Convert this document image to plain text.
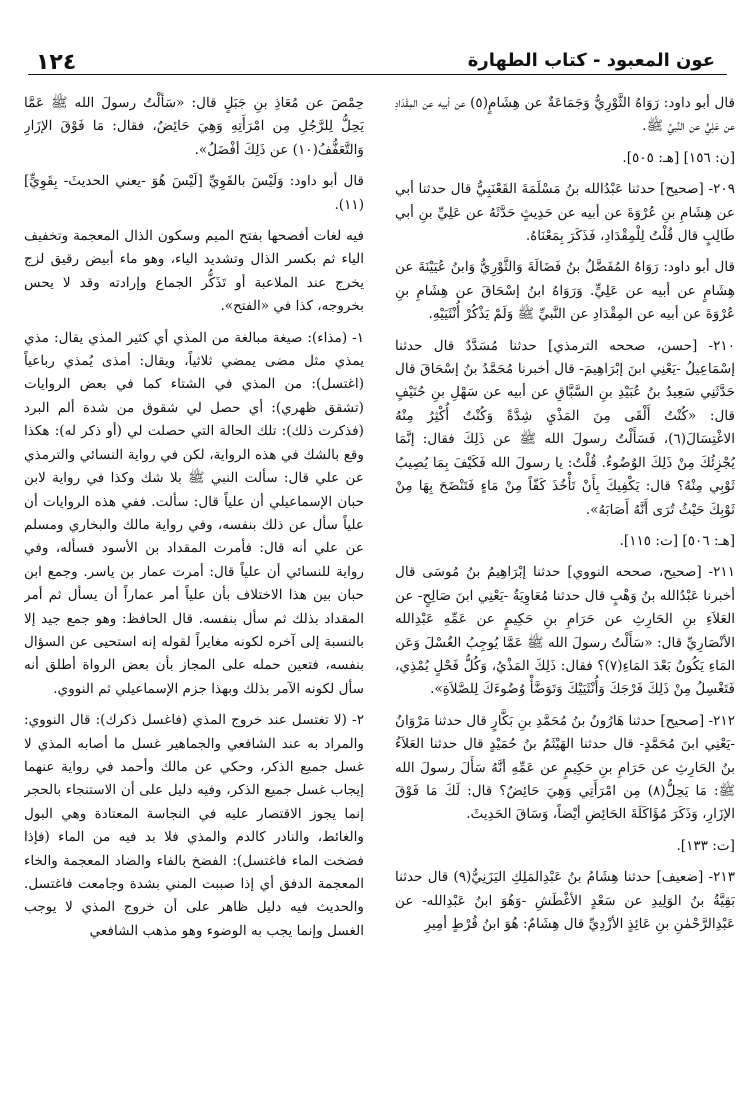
١٢٤	عون المعبود - كتاب الطهارة

قال أبو داود: رَوَاهُ الثَّوْرِيُّ وَجَمَاعَةٌ عن هِشَامٍ(٥) عن أبيه عن المِقْدَادِ عن عَلِيٍّ عن النَّبيِّ ﷺ.

[ن: ١٥٦] [هـ: ٥٠٥].

٢٠٩- [صحيح] حدثنا عَبْدُالله بنُ مَسْلَمَةَ القَعْنَبِيُّ قال حدثنا أبي عن هِشَامِ بنِ عُرْوَةَ عن أبيه عن حَدِيثٍ حَدَّثَهُ عن عَلِيِّ بنِ أبي طَالِبٍ قال قُلْتُ لِلْمِقْدَادِ، فَذَكَرَ بِمَعْنَاهُ.

قال أبو داود: رَوَاهُ المُفَضَّلُ بنُ فَضَالَةَ وَالثَّوْرِيُّ وَابنُ عُيَيْنَةَ عن هِشَامٍ عن أبيه عن عَلِيٍّ. وَرَوَاهُ ابنُ إسْحَاقَ عن هِشَامِ بنِ عُرْوَةَ عن أبيه عن المِقْدَادِ عن النَّبيِّ ﷺ وَلَمْ يَذْكُرْ أُنْثَيَيْهِ.

٢١٠- [حسن، صححه الترمذي] حدثنا مُسَدَّدٌ قال حدثنا إسْمَاعِيلُ -يَعْنِي ابنَ إبْرَاهِيمَ- قال أخبرنا مُحَمَّدُ بنُ إسْحَاقَ قال حَدَّثَنِي سَعِيدُ بنُ عُبَيْدِ بنِ السَّبَّاقِ عن أبيه عن سَهْلِ بنِ حُنَيْفٍ قال: «كُنْتُ أَلْقَى مِنَ المَذْيِ شِدَّةً وَكُنْتُ أُكْثِرُ مِنْهُ الاغْتِسَالَ(٦)، فَسَأَلْتُ رسولَ الله ﷺ عن ذَلِكَ فقال: إنَّمَا يُجْزِئُكَ مِنْ ذَلِكَ الوُضُوءُ. قُلْتُ: يا رسولَ الله فَكَيْفَ بِمَا يُصِيبُ ثَوْبِي مِنْهُ؟ قال: يَكْفِيكَ بِأَنْ تَأْخُذَ كَفّاً مِنْ مَاءٍ فَتَنْضَحَ بِهَا مِنْ ثَوْبِكَ حَيْثُ تُرَى أَنَّهُ أَصَابَهُ».

[هـ: ٥٠٦] [ت: ١١٥].

٢١١- [صحيح، صححه النووي] حدثنا إبْرَاهِيمُ بنُ مُوسَى قال أخبرنا عَبْدُالله بنُ وَهْبٍ قال حدثنا مُعَاوِيَةُ -يَعْنِي ابنَ صَالِحٍ- عن العَلاَءِ بنِ الحَارِثِ عن حَرَامِ بنِ حَكِيمٍ عن عَمِّهِ عَبْدِالله الأنْصَارِيِّ قال: «سَأَلْتُ رسولَ الله ﷺ عَمَّا يُوجِبُ الغُسْلَ وَعَن المَاءِ يَكُونُ بَعْدَ المَاءِ(٧)؟ فقال: ذَلِكَ المَذْيُ، وَكُلُّ فَحْلٍ يُمْذِي، فَتَغْسِلُ مِنْ ذَلِكَ فَرْجَكَ وَأُنْثَيَيْكَ وَتَوَضَّأْ وُضُوءَكَ لِلصَّلاَةِ».

٢١٢- [صحيح] حدثنا هَارُونُ بنُ مُحَمَّدِ بنِ بَكَّارٍ قال حدثنا مَرْوَانُ -يَعْنِي ابنَ مُحَمَّدٍ- قال حدثنا الهَيْثَمُ بنُ حُمَيْدٍ قال حدثنا العَلاَءُ بنُ الحَارِثِ عن حَرَامِ بنِ حَكِيمٍ عن عَمِّهِ أنَّهُ سَأَلَ رسولَ الله ﷺ: مَا يَحِلُّ(٨) مِن امْرَأَتِي وَهِيَ حَائِضٌ؟ قال: لَكَ مَا فَوْقَ الإزَارِ، وَذَكَرَ مُؤَاكَلَةَ الحَائِضِ أيْضاً، وَسَاقَ الحَدِيثَ.

[ت: ١٣٣].

٢١٣- [ضعيف] حدثنا هِشَامُ بنُ عَبْدِالمَلِكِ اليَزَنِيُّ(٩) قال حدثنا بَقِيَّةُ بنُ الوَلِيدِ عن سَعْدٍ الأغْطَشِ -وَهُوَ ابنُ عَبْدِالله- عن عَبْدِالرَّحْمٰنِ بنِ عَائِذٍ الأزْدِيِّ قال هِشَامٌ: هُوَ ابنُ قُرْطٍ أمِيرِ

حِمْصَ عن مُعَاذِ بنِ جَبَلٍ قال: «سَأَلْتُ رسولَ الله ﷺ عَمَّا يَحِلُّ لِلرَّجُلِ مِن امْرَأَتِهِ وَهِيَ حَائِضٌ، فقال: مَا فَوْقَ الإزَارِ وَالتَّعَفُّفُ(١٠) عن ذَلِكَ أفْضَلُ».

قال أبو داود: وَلَيْسَ بالقَوِيِّ [لَيْسَ هُوَ -يعني الحديثَ- بِقَوِيٍّ](١١).

فيه لغات أفصحها بفتح الميم وسكون الذال المعجمة وتخفيف الياء ثم بكسر الذال وتشديد الياء، وهو ماء أبيض رقيق لزج يخرج عند الملاعبة أو تَذَكُّر الجماع وإرادته وقد لا يحس بخروجه، كذا في «الفتح».

١- (مذاء): صيغة مبالغة من المذي أي كثير المذي يقال: مذي يمذي مثل مضى يمضي ثلاثياً، ويقال: أمذى يُمذي رباعياً (اغتسل): من المذي في الشتاء كما في بعض الروايات (تشقق ظهري): أي حصل لي شقوق من شدة ألم البرد (فذكرت ذلك): تلك الحالة التي حصلت لي (أو ذكر له): هكذا وقع بالشك في هذه الرواية، لكن في رواية النسائي والترمذي عن علي قال: سألت النبي ﷺ بلا شك وكذا في رواية لابن حبان الإسماعيلي أن علياً قال: سألت. ففي هذه الروايات أن علياً سأل عن ذلك بنفسه، وفي رواية مالك والبخاري ومسلم عن علي أنه قال: فأمرت المقداد بن الأسود فسأله، وفي رواية للنسائي أن علياً قال: أمرت عمار بن ياسر. وجمع ابن حبان بين هذا الاختلاف بأن علياً أمر عماراً أن يسأل ثم أمر المقداد بذلك ثم سأل بنفسه. قال الحافظ: وهو جمع جيد إلا بالنسبة إلى آخره لكونه مغايراً لقوله إنه استحيى عن السؤال بنفسه، فتعين حمله على المجاز بأن بعض الرواة أطلق أنه سأل لكونه الآمر بذلك وبهذا جزم الإسماعيلي ثم النووي.

٢- (لا تغتسل عند خروج المذي (فاغسل ذكرك): قال النووي: والمراد به عند الشافعي والجماهير غسل ما أصابه المذي لا غسل جميع الذكر، وحكي عن مالك وأحمد في رواية عنهما إيجاب غسل جميع الذكر، وفيه دليل على أن الاستنجاء بالحجر إنما يجوز الاقتصار عليه في النجاسة المعتادة وهي البول والغائط، والنادر كالدم والمذي فلا بد فيه من الماء (فإذا فضخت الماء فاغتسل): الفضخ بالفاء والضاد المعجمة والخاء المعجمة الدفق أي إذا صببت المني بشدة وجامعت فاغتسل. والحديث فيه دليل ظاهر على أن خروج المذي لا يوجب الغسل وإنما يجب به الوضوء وهو مذهب الشافعي
